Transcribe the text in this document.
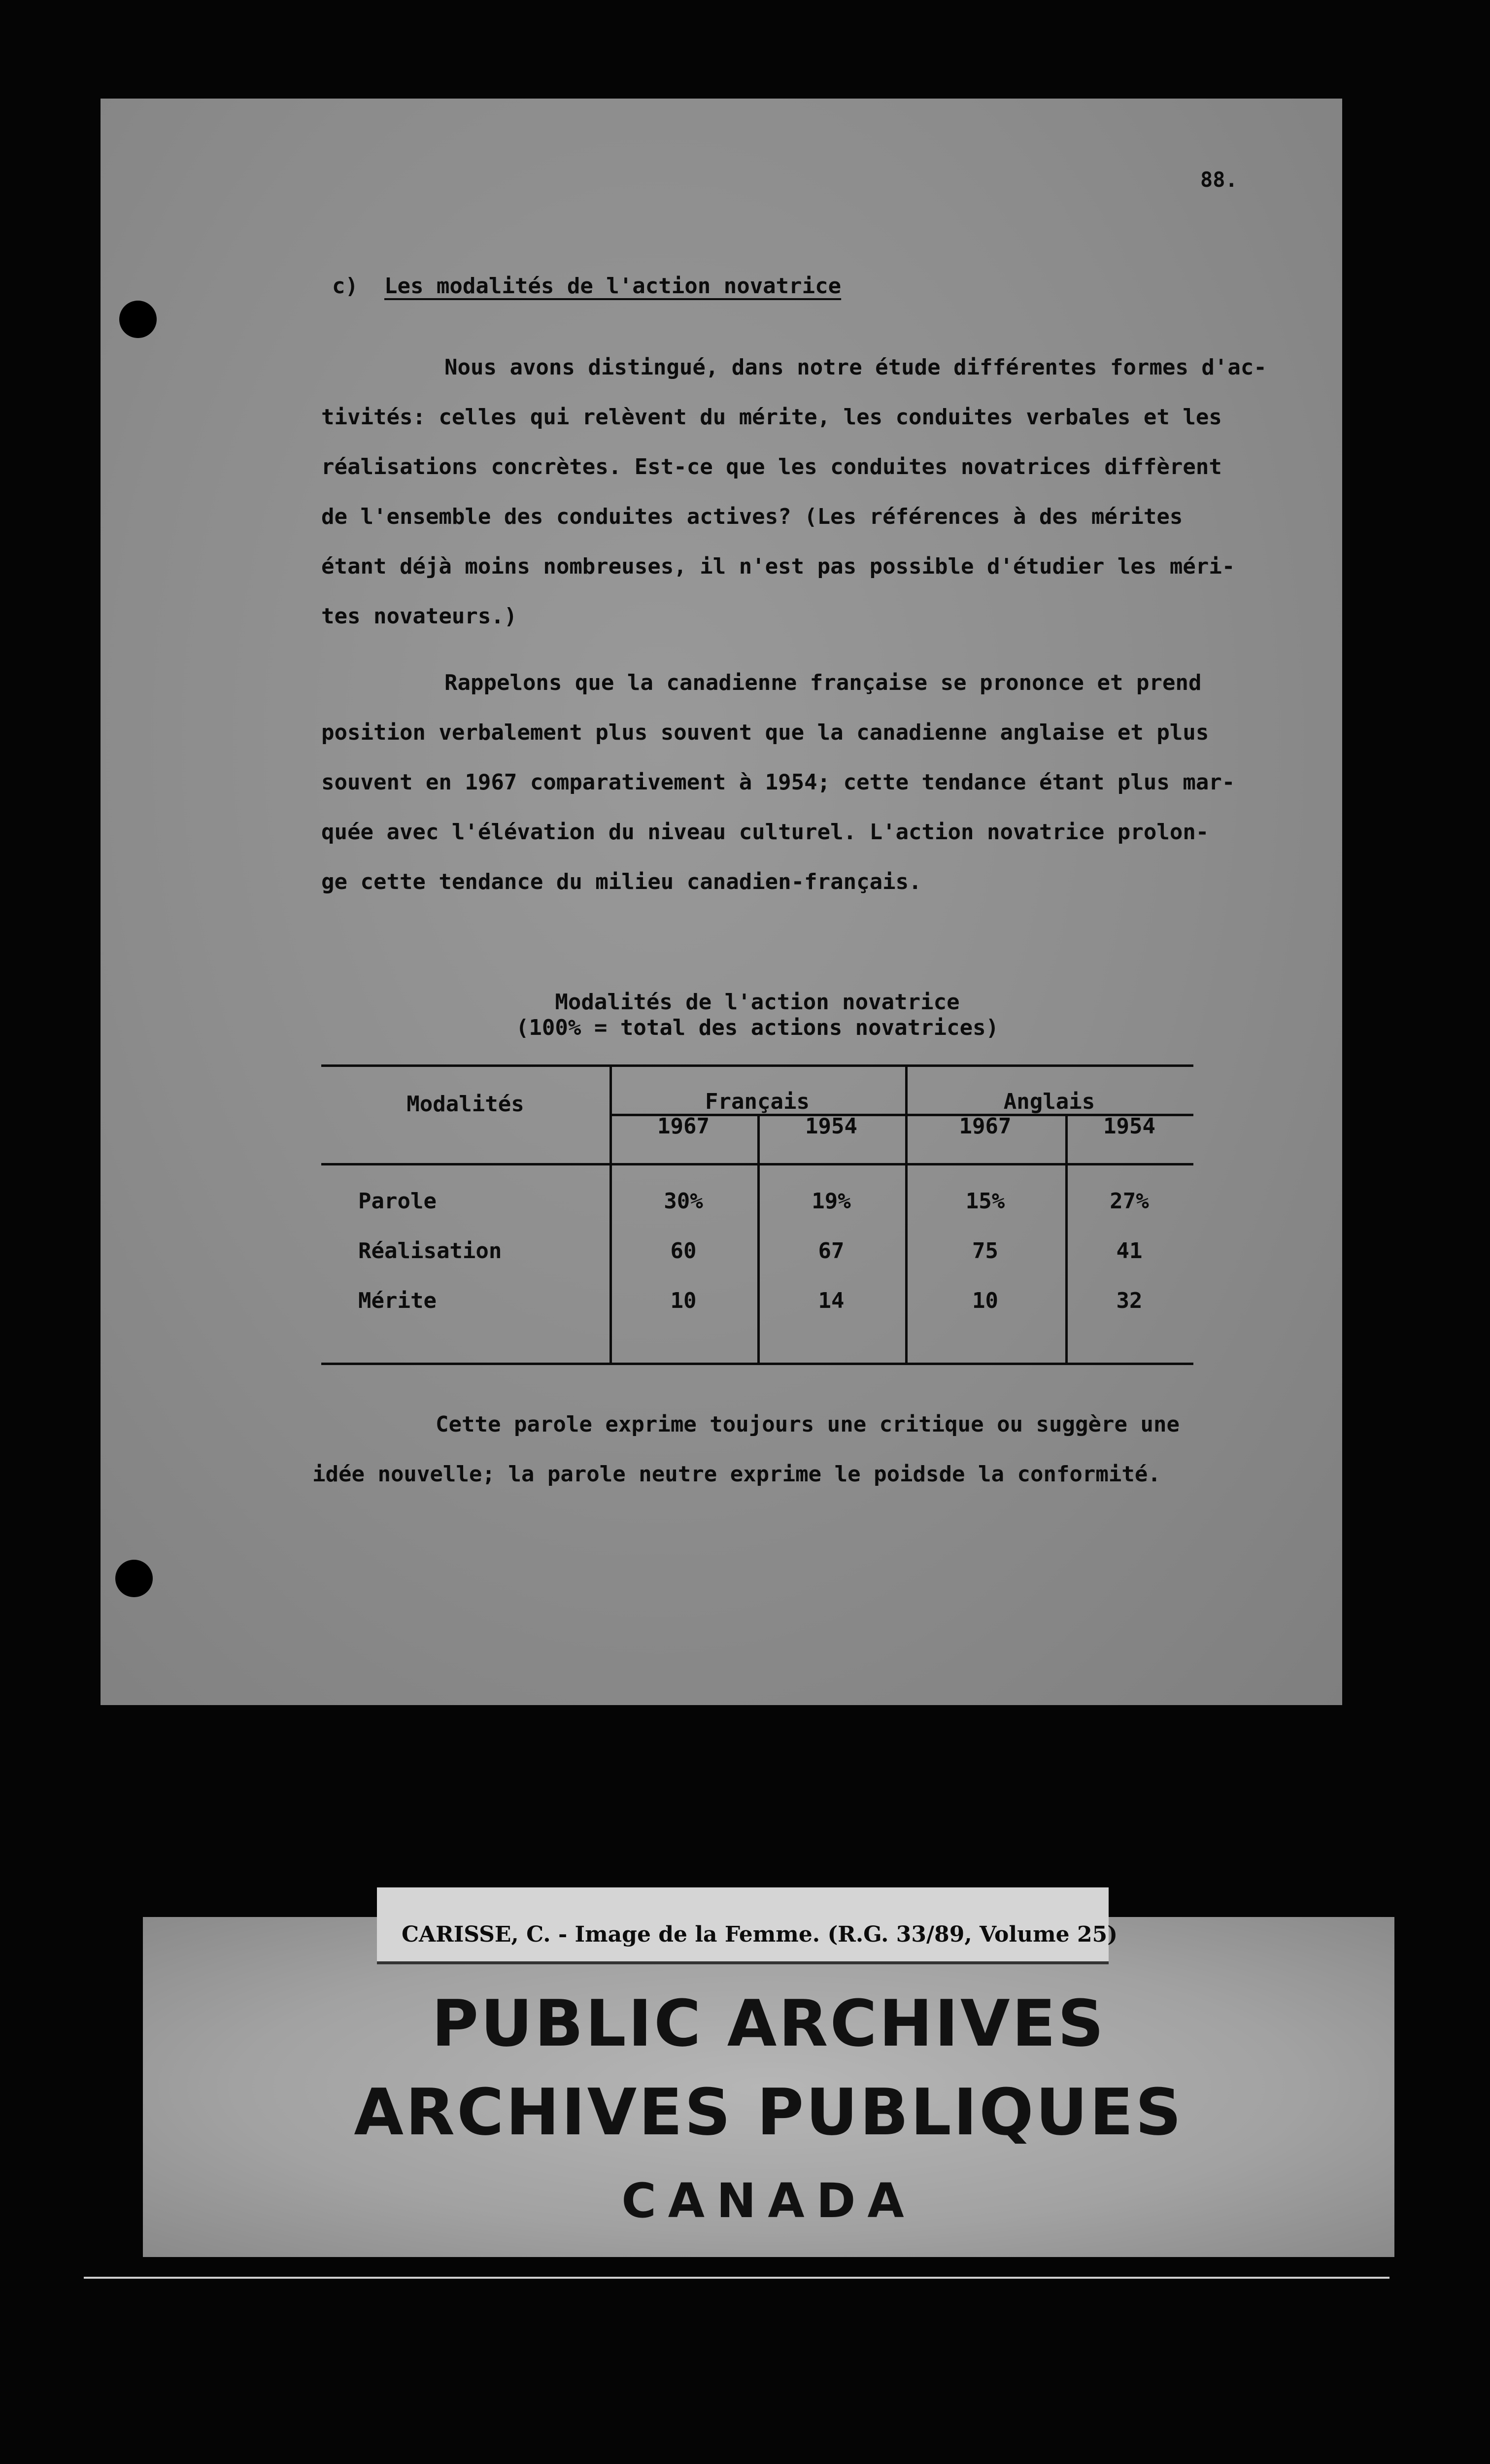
88.
c) Les modalités de l'action novatrice
Nous avons distingué, dans notre étude différentes formes d'ac-
tivités: celles qui relèvent du mérite, les conduites verbales et les
réalisations concrètes. Est-ce que les conduites novatrices diffèrent
de l'ensemble des conduites actives? (Les références à des mérites
étant déjà moins nombreuses, il n'est pas possible d'étudier les méri-
tes novateurs.)
Rappelons que la canadienne française se prononce et prend
position verbalement plus souvent que la canadienne anglaise et plus
souvent en 1967 comparativement à 1954; cette tendance étant plus mar-
quée avec l'élévation du niveau culturel. L'action novatrice prolon-
ge cette tendance du milieu canadien-français.
Modalités de l'action novatrice
(100% = total des actions novatrices)
Modalités	Français	Anglais
1967	1954	1967	1954
Parole	30%	19%	15%	27%
Réalisation	60	67	75	41
Mérite	10	14	10	32
Cette parole exprime toujours une critique ou suggère une
idée nouvelle; la parole neutre exprime le poidsde la conformité.
PUBLIC ARCHIVES
ARCHIVES PUBLIQUES
CANADA
CARISSE, C. - Image de la Femme. (R.G. 33/89, Volume 25)
